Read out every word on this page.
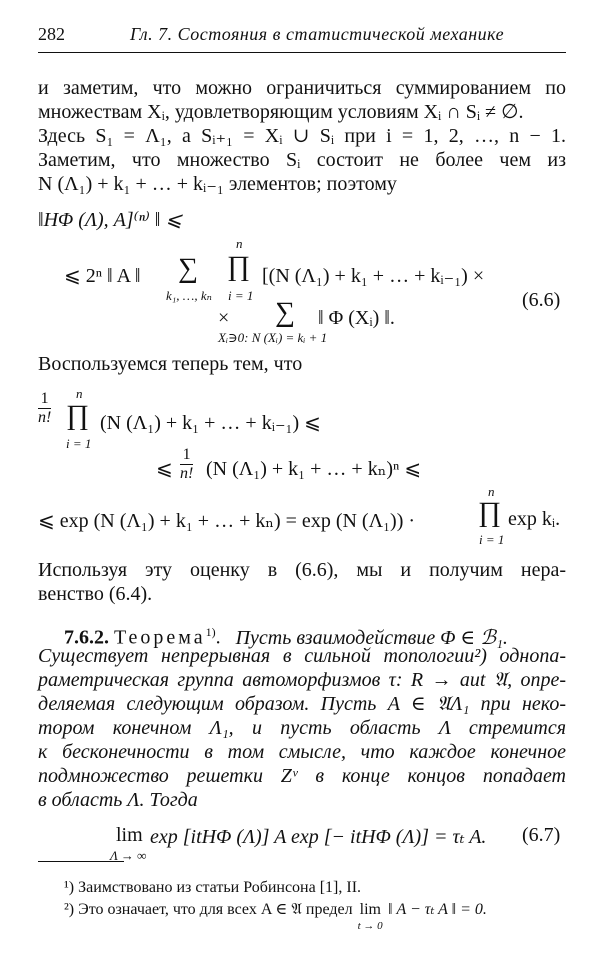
282	Гл. 7. Состояния в статистической механике
и заметим, что можно ограничиться суммированием по
множествам Xᵢ, удовлетворяющим условиям Xᵢ ∩ Sᵢ ≠ ∅.
Здесь S₁ = Λ₁, а Sᵢ₊₁ = Xᵢ ∪ Sᵢ при i = 1, 2, …, n − 1.
Заметим, что множество Sᵢ состоит не более чем из
N (Λ₁) + k₁ + … + kᵢ₋₁ элементов; поэтому
‖HΦ (Λ), A]⁽ⁿ⁾ ‖ ⩽
⩽ 2ⁿ ‖ A ‖ ∑
k₁, …, kₙ
n
∏
i = 1
[(N (Λ₁) + k₁ + … + kᵢ₋₁) ×
× ∑
Xᵢ∋0: N (Xᵢ) = kᵢ + 1
‖ Φ (Xᵢ) ‖.
(6.6)
Воспользуемся теперь тем, что
$\frac{1}{n!}$ n
∏
i = 1
(N (Λ₁) + k₁ + … + kᵢ₋₁) ⩽
⩽ $\frac{1}{n!} (N$ (Λ₁) + k₁ + … + kₙ)ⁿ ⩽
⩽ exp (N (Λ₁) + k₁ + … + kₙ) = exp (N (Λ₁)) ·
n
∏
i = 1
exp kᵢ.
Используя эту оценку в (6.6), мы и получим нера-
венство (6.4).
7.6.2. Теорема$^{1)}$. Пусть взаимодействие Φ ∈ ℬ₁.
Существует непрерывная в сильной топологии²) однопа-
раметрическая группа автоморфизмов τ: R → aut 𝔄, опре-
деляемая следующим образом. Пусть A ∈ 𝔄Λ₁ при неко-
тором конечном Λ₁, и пусть область Λ стремится
к бесконечности в том смысле, что каждое конечное
подмножество решетки Zᵛ в конце концов попадает
в область Λ. Тогда
lim
Λ → ∞
exp [itHΦ (Λ)] A exp [− itHΦ (Λ)] = τₜ A. (6.7)
¹) Заимствовано из статьи Робинсона [1], II.
²) Это означает, что для всех A ∈ 𝔄 предел lim
t → 0
‖ A − τₜ A ‖ = 0.
